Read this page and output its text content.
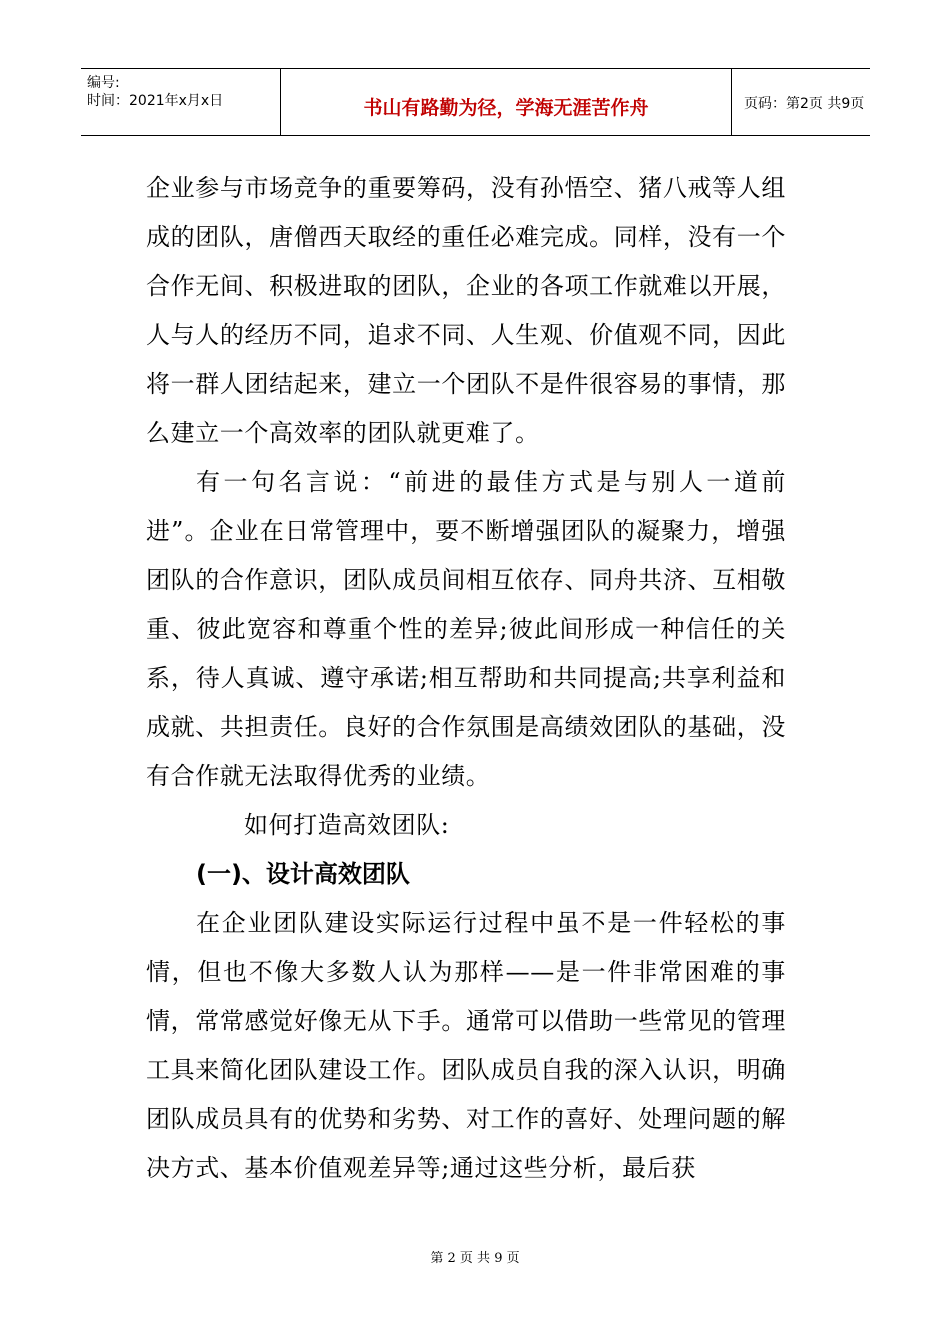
编号:
时间：2021年x月x日	书山有路勤为径，学海无涯苦作舟	页码：第2页 共9页

企业参与市场竞争的重要筹码，没有孙悟空、猪八戒等人组成的团队，唐僧西天取经的重任必难完成。同样，没有一个合作无间、积极进取的团队，企业的各项工作就难以开展，人与人的经历不同，追求不同、人生观、价值观不同，因此将一群人团结起来，建立一个团队不是件很容易的事情，那么建立一个高效率的团队就更难了。

有一句名言说：“前进的最佳方式是与别人一道前进”。企业在日常管理中，要不断增强团队的凝聚力，增强团队的合作意识，团队成员间相互依存、同舟共济、互相敬重、彼此宽容和尊重个性的差异;彼此间形成一种信任的关系，待人真诚、遵守承诺;相互帮助和共同提高;共享利益和成就、共担责任。良好的合作氛围是高绩效团队的基础，没有合作就无法取得优秀的业绩。

如何打造高效团队:

(一)、设计高效团队

在企业团队建设实际运行过程中虽不是一件轻松的事情，但也不像大多数人认为那样——是一件非常困难的事情，常常感觉好像无从下手。通常可以借助一些常见的管理工具来简化团队建设工作。团队成员自我的深入认识，明确团队成员具有的优势和劣势、对工作的喜好、处理问题的解决方式、基本价值观差异等;通过这些分析，最后获

第 2 页 共 9 页
